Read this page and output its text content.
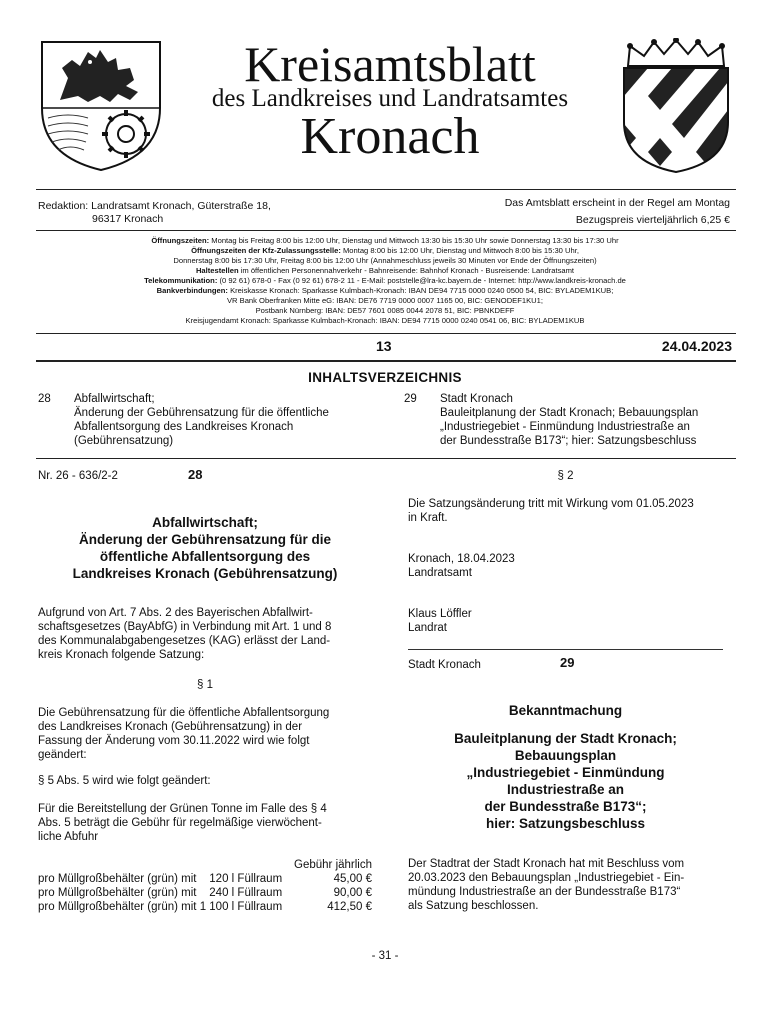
Kreisamtsblatt
des Landkreises und Landratsamtes
Kronach
Redaktion: Landratsamt Kronach, Güterstraße 18,
96317 Kronach
Das Amtsblatt erscheint in der Regel am Montag
Bezugspreis vierteljährlich 6,25 €
Öffnungszeiten: Montag bis Freitag 8:00 bis 12:00 Uhr, Dienstag und Mittwoch 13:30 bis 15:30 Uhr sowie Donnerstag 13:30 bis 17:30 Uhr
Öffnungszeiten der Kfz-Zulassungsstelle: Montag 8:00 bis 12:00 Uhr, Dienstag und Mittwoch 8:00 bis 15:30 Uhr,
Donnerstag 8:00 bis 17:30 Uhr, Freitag 8:00 bis 12:00 Uhr (Annahmeschluss jeweils 30 Minuten vor Ende der Öffnungszeiten)
Haltestellen im öffentlichen Personennahverkehr - Bahnreisende: Bahnhof Kronach - Busreisende: Landratsamt
Telekommunikation: (0 92 61) 678-0 - Fax (0 92 61) 678-2 11 - E-Mail: poststelle@lra-kc.bayern.de - Internet: http://www.landkreis-kronach.de
Bankverbindungen: Kreiskasse Kronach: Sparkasse Kulmbach-Kronach: IBAN DE94 7715 0000 0240 0500 54, BIC: BYLADEM1KUB;
VR Bank Oberfranken Mitte eG: IBAN: DE76 7719 0000 0007 1165 00, BIC: GENODEF1KU1;
Postbank Nürnberg: IBAN: DE57 7601 0085 0044 2078 51, BIC: PBNKDEFF
Kreisjugendamt Kronach: Sparkasse Kulmbach-Kronach: IBAN: DE94 7715 0000 0240 0541 06, BIC: BYLADEM1KUB
13	24.04.2023
INHALTSVERZEICHNIS
28 Abfallwirtschaft;
Änderung der Gebührensatzung für die öffentliche
Abfallentsorgung des Landkreises Kronach
(Gebührensatzung)
29 Stadt Kronach
Bauleitplanung der Stadt Kronach; Bebauungsplan
„Industriegebiet - Einmündung Industriestraße an
der Bundesstraße B173“; hier: Satzungsbeschluss
Nr. 26 - 636/2-2	28
Abfallwirtschaft;
Änderung der Gebührensatzung für die
öffentliche Abfallentsorgung des
Landkreises Kronach (Gebührensatzung)
Aufgrund von Art. 7 Abs. 2 des Bayerischen Abfallwirt-
schaftsgesetzes (BayAbfG) in Verbindung mit Art. 1 und 8
des Kommunalabgabengesetzes (KAG) erlässt der Land-
kreis Kronach folgende Satzung:
§ 1
Die Gebührensatzung für die öffentliche Abfallentsorgung
des Landkreises Kronach (Gebührensatzung) in der
Fassung der Änderung vom 30.11.2022 wird wie folgt
geändert:
§ 5 Abs. 5 wird wie folgt geändert:
Für die Bereitstellung der Grünen Tonne im Falle des § 4
Abs. 5 beträgt die Gebühr für regelmäßige vierwöchent-
liche Abfuhr
Gebühr jährlich
pro Müllgroßbehälter (grün) mit    120 l Füllraum	45,00 €
pro Müllgroßbehälter (grün) mit    240 l Füllraum	90,00 €
pro Müllgroßbehälter (grün) mit 1 100 l Füllraum	412,50 €
§ 2
Die Satzungsänderung tritt mit Wirkung vom 01.05.2023
in Kraft.
Kronach, 18.04.2023
Landratsamt
Klaus Löffler
Landrat
Stadt Kronach	29
Bekanntmachung
Bauleitplanung der Stadt Kronach;
Bebauungsplan
„Industriegebiet - Einmündung
Industriestraße an
der Bundesstraße B173“;
hier: Satzungsbeschluss
Der Stadtrat der Stadt Kronach hat mit Beschluss vom
20.03.2023 den Bebauungsplan „Industriegebiet - Ein-
mündung Industriestraße an der Bundesstraße B173“
als Satzung beschlossen.
- 31 -
